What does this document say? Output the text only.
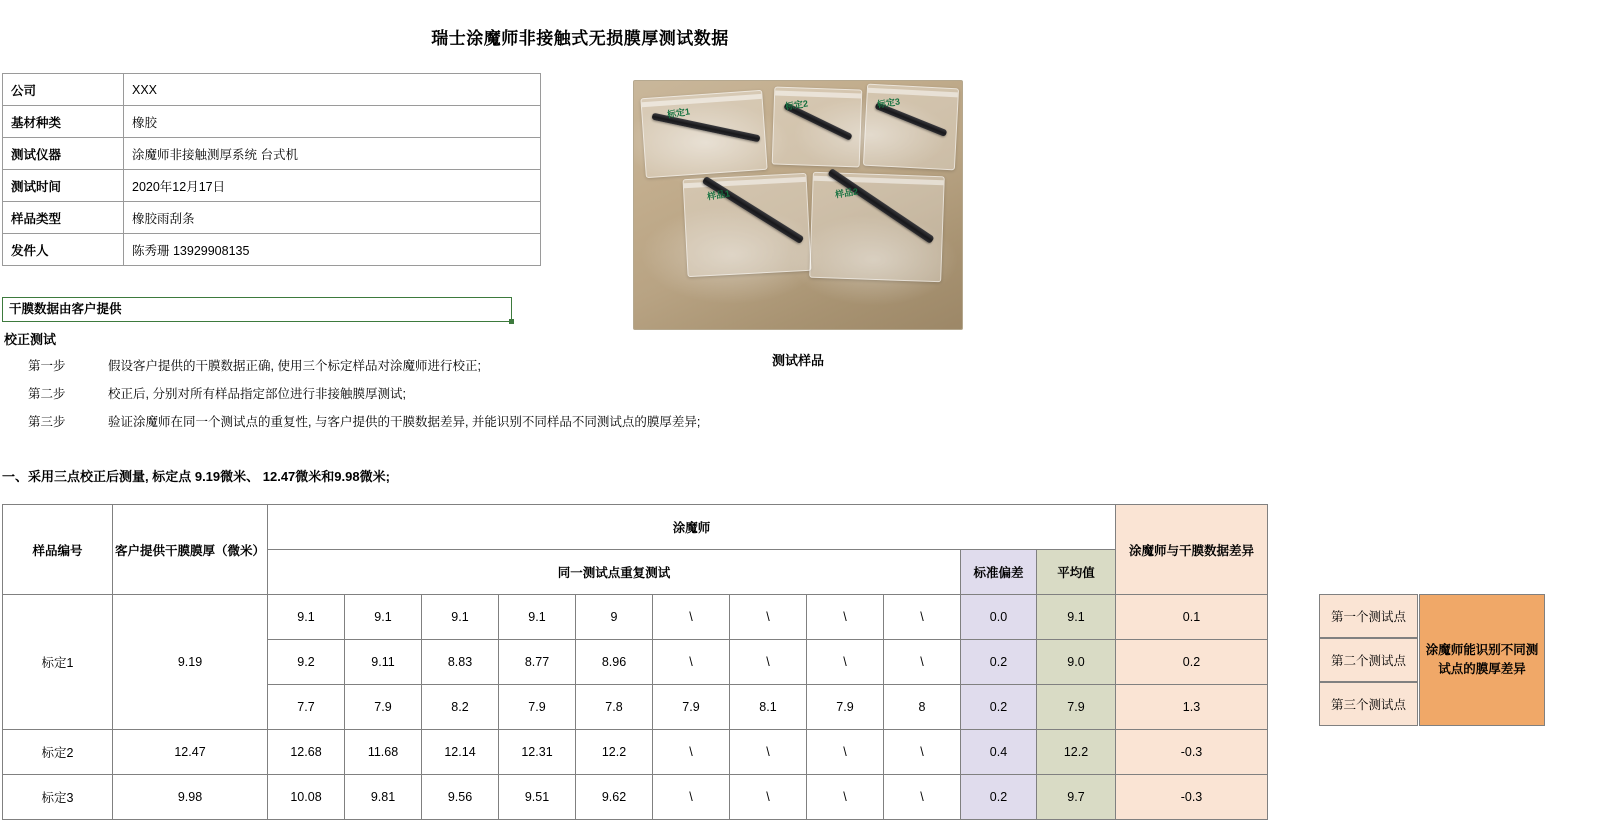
瑞士涂魔师非接触式无损膜厚测试数据
公司	XXX
基材种类	橡胶
测试仪器	涂魔师非接触测厚系统 台式机
测试时间	2020年12月17日
样品类型	橡胶雨刮条
发件人	陈秀珊 13929908135
干膜数据由客户提供
校正测试
第一步	假设客户提供的干膜数据正确, 使用三个标定样品对涂魔师进行校正;
第二步	校正后, 分别对所有样品指定部位进行非接触膜厚测试;
第三步	验证涂魔师在同一个测试点的重复性, 与客户提供的干膜数据差异, 并能识别不同样品不同测试点的膜厚差异;
一、采用三点校正后测量, 标定点 9.19微米、 12.47微米和9.98微米;
标定1
标定2	标定3
样品1	样品2
测试样品
样品编号	客户提供干膜膜厚（微米）	涂魔师											涂魔师与干膜数据差异
		同一测试点重复测试									标准偏差	平均值	
标定1	9.19	9.1	9.1	9.1	9.1	9	\	\	\	\	0.0	9.1	0.1
		9.2	9.11	8.83	8.77	8.96	\	\	\	\	0.2	9.0	0.2
		7.7	7.9	8.2	7.9	7.8	7.9	8.1	7.9	8	0.2	7.9	1.3
标定2	12.47	12.68	11.68	12.14	12.31	12.2	\	\	\	\	0.4	12.2	-0.3
标定3	9.98	10.08	9.81	9.56	9.51	9.62	\	\	\	\	0.2	9.7	-0.3
第一个测试点
第二个测试点
第三个测试点
涂魔师能识别不同测试点的膜厚差异
